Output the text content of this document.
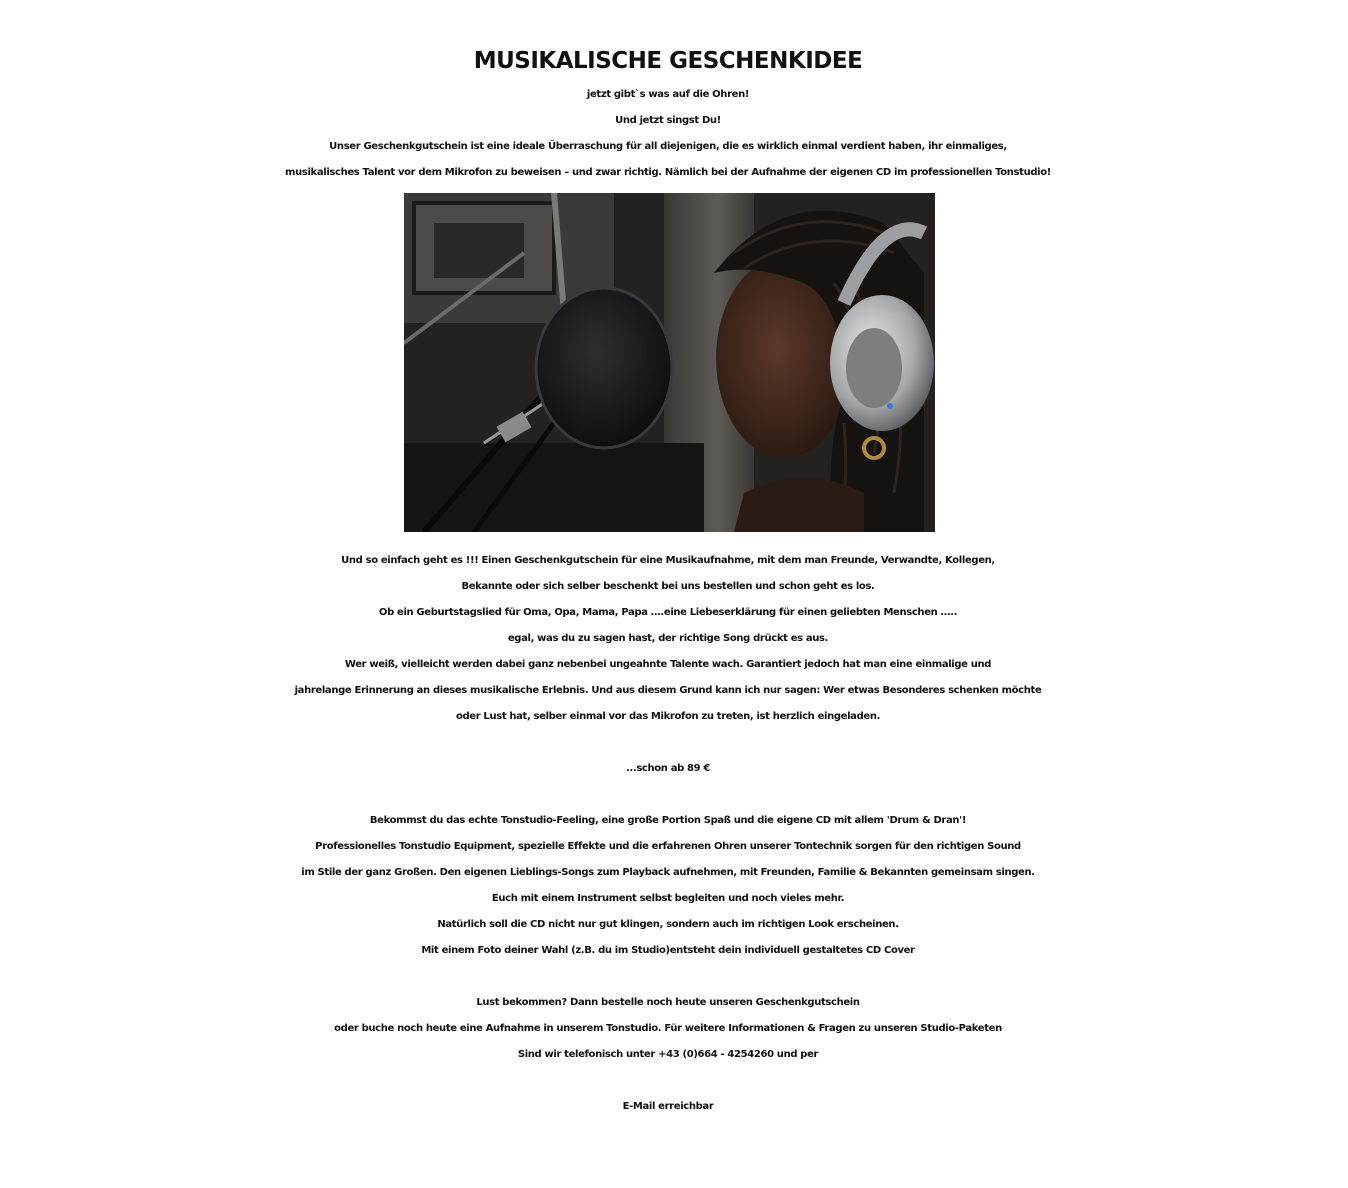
MUSIKALISCHE GESCHENKIDEE
jetzt gibt`s was auf die Ohren!
Und jetzt singst Du!
Unser Geschenkgutschein ist eine ideale Überraschung für all diejenigen, die es wirklich einmal verdient haben, ihr einmaliges,
musikalisches Talent vor dem Mikrofon zu beweisen – und zwar richtig. Nämlich bei der Aufnahme der eigenen CD im professionellen Tonstudio!
Und so einfach geht es !!! Einen Geschenkgutschein für eine Musikaufnahme, mit dem man Freunde, Verwandte, Kollegen,
Bekannte oder sich selber beschenkt bei uns bestellen und schon geht es los.
Ob ein Geburtstagslied für Oma, Opa, Mama, Papa ….eine Liebeserklärung für einen geliebten Menschen …..
egal, was du zu sagen hast, der richtige Song drückt es aus.
Wer weiß, vielleicht werden dabei ganz nebenbei ungeahnte Talente wach. Garantiert jedoch hat man eine einmalige und
jahrelange Erinnerung an dieses musikalische Erlebnis. Und aus diesem Grund kann ich nur sagen: Wer etwas Besonderes schenken möchte
oder Lust hat, selber einmal vor das Mikrofon zu treten, ist herzlich eingeladen.
...schon ab 89 €
Bekommst du das echte Tonstudio-Feeling, eine große Portion Spaß und die eigene CD mit allem 'Drum & Dran'!
Professionelles Tonstudio Equipment, spezielle Effekte und die erfahrenen Ohren unserer Tontechnik sorgen für den richtigen Sound
im Stile der ganz Großen. Den eigenen Lieblings-Songs zum Playback aufnehmen, mit Freunden, Familie & Bekannten gemeinsam singen.
Euch mit einem Instrument selbst begleiten und noch vieles mehr.
Natürlich soll die CD nicht nur gut klingen, sondern auch im richtigen Look erscheinen.
Mit einem Foto deiner Wahl (z.B. du im Studio)entsteht dein individuell gestaltetes CD Cover
Lust bekommen? Dann bestelle noch heute unseren Geschenkgutschein
oder buche noch heute eine Aufnahme in unserem Tonstudio. Für weitere Informationen & Fragen zu unseren Studio-Paketen
Sind wir telefonisch unter +43 (0)664 - 4254260 und per
E-Mail erreichbar
